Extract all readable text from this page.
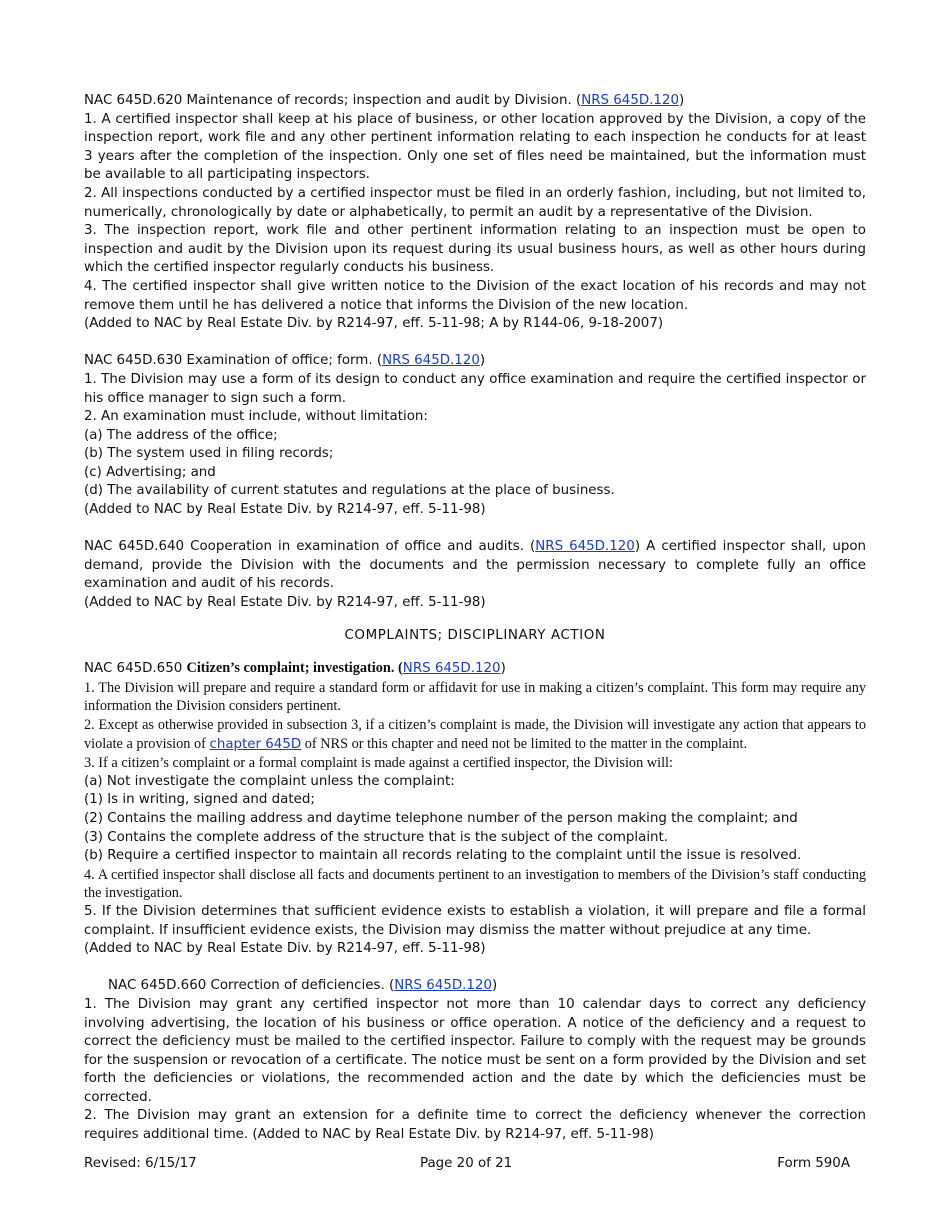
NAC 645D.620 Maintenance of records; inspection and audit by Division. (NRS 645D.120)

1. A certified inspector shall keep at his place of business, or other location approved by the Division, a copy of the inspection report, work file and any other pertinent information relating to each inspection he conducts for at least 3 years after the completion of the inspection. Only one set of files need be maintained, but the information must be available to all participating inspectors.

2. All inspections conducted by a certified inspector must be filed in an orderly fashion, including, but not limited to, numerically, chronologically by date or alphabetically, to permit an audit by a representative of the Division.

3. The inspection report, work file and other pertinent information relating to an inspection must be open to inspection and audit by the Division upon its request during its usual business hours, as well as other hours during which the certified inspector regularly conducts his business.

4. The certified inspector shall give written notice to the Division of the exact location of his records and may not remove them until he has delivered a notice that informs the Division of the new location.

(Added to NAC by Real Estate Div. by R214-97, eff. 5-11-98; A by R144-06, 9-18-2007)

NAC 645D.630 Examination of office; form. (NRS 645D.120)

1. The Division may use a form of its design to conduct any office examination and require the certified inspector or his office manager to sign such a form.

2. An examination must include, without limitation:

(a) The address of the office;

(b) The system used in filing records;

(c) Advertising; and

(d) The availability of current statutes and regulations at the place of business.

(Added to NAC by Real Estate Div. by R214-97, eff. 5-11-98)

NAC 645D.640 Cooperation in examination of office and audits. (NRS 645D.120) A certified inspector shall, upon demand, provide the Division with the documents and the permission necessary to complete fully an office examination and audit of his records.

(Added to NAC by Real Estate Div. by R214-97, eff. 5-11-98)

COMPLAINTS; DISCIPLINARY ACTION

NAC 645D.650 Citizen’s complaint; investigation. (NRS 645D.120)

1. The Division will prepare and require a standard form or affidavit for use in making a citizen’s complaint. This form may require any information the Division considers pertinent.

2. Except as otherwise provided in subsection 3, if a citizen’s complaint is made, the Division will investigate any action that appears to violate a provision of chapter 645D of NRS or this chapter and need not be limited to the matter in the complaint.

3. If a citizen’s complaint or a formal complaint is made against a certified inspector, the Division will:

(a) Not investigate the complaint unless the complaint:

(1) Is in writing, signed and dated;

(2) Contains the mailing address and daytime telephone number of the person making the complaint; and

(3) Contains the complete address of the structure that is the subject of the complaint.

(b) Require a certified inspector to maintain all records relating to the complaint until the issue is resolved.

4. A certified inspector shall disclose all facts and documents pertinent to an investigation to members of the Division’s staff conducting the investigation.

5. If the Division determines that sufficient evidence exists to establish a violation, it will prepare and file a formal complaint. If insufficient evidence exists, the Division may dismiss the matter without prejudice at any time.

(Added to NAC by Real Estate Div. by R214-97, eff. 5-11-98)

NAC 645D.660 Correction of deficiencies. (NRS 645D.120)

1. The Division may grant any certified inspector not more than 10 calendar days to correct any deficiency involving advertising, the location of his business or office operation. A notice of the deficiency and a request to correct the deficiency must be mailed to the certified inspector. Failure to comply with the request may be grounds for the suspension or revocation of a certificate. The notice must be sent on a form provided by the Division and set forth the deficiencies or violations, the recommended action and the date by which the deficiencies must be corrected.

2. The Division may grant an extension for a definite time to correct the deficiency whenever the correction requires additional time. (Added to NAC by Real Estate Div. by R214-97, eff. 5-11-98)

Revised: 6/15/17	Page 20 of 21	Form 590A
